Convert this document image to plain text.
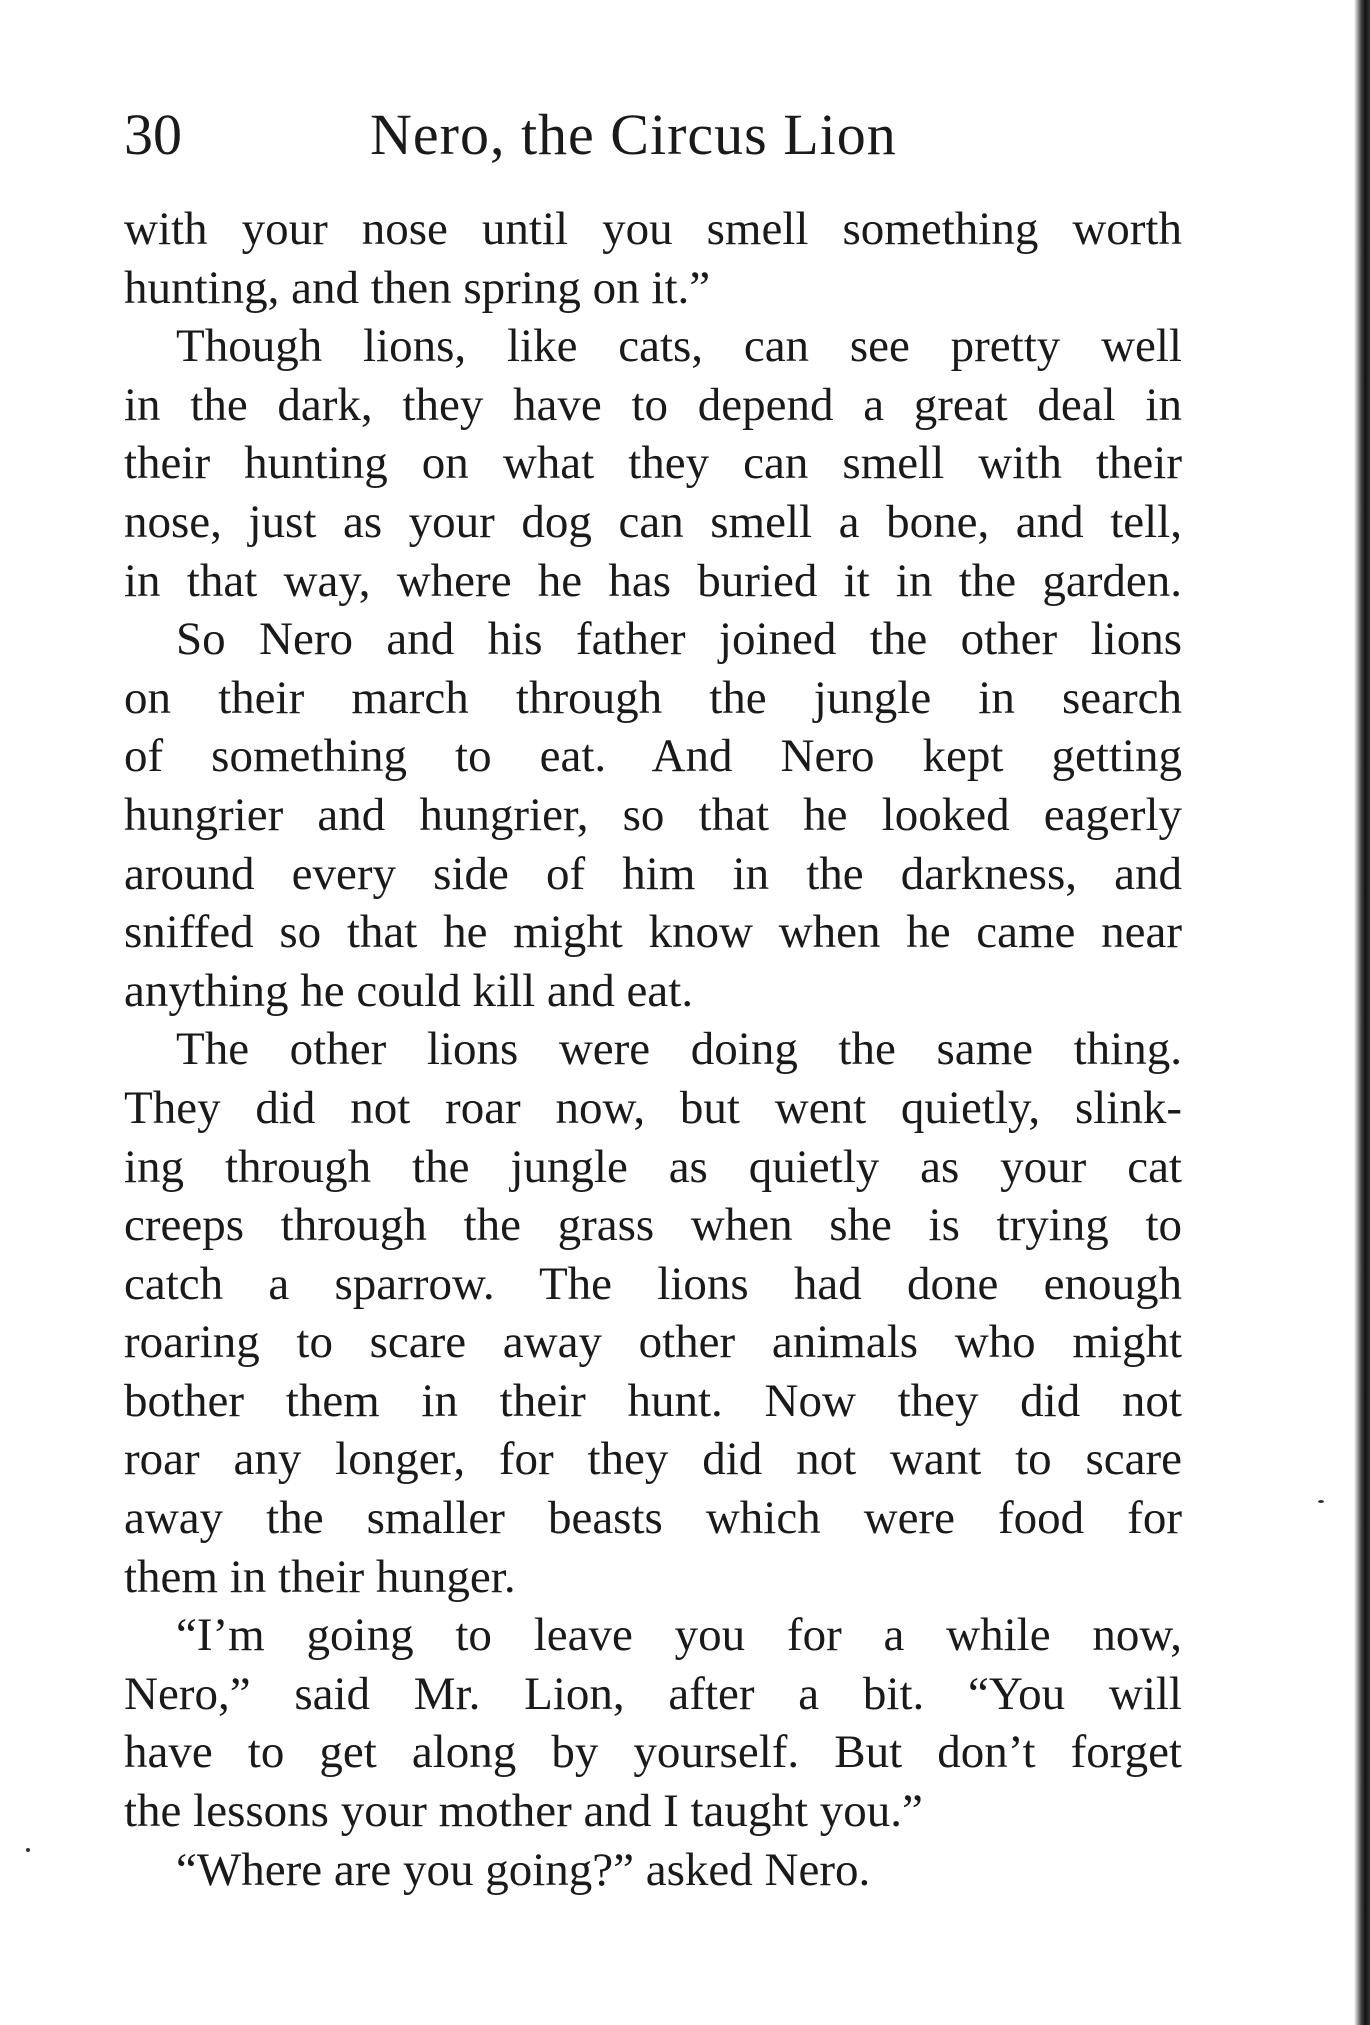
30	Nero, the Circus Lion
with your nose until you smell something worth
hunting, and then spring on it.”
Though lions, like cats, can see pretty well
in the dark, they have to depend a great deal in
their hunting on what they can smell with their
nose, just as your dog can smell a bone, and tell,
in that way, where he has buried it in the garden.
So Nero and his father joined the other lions
on their march through the jungle in search
of something to eat. And Nero kept getting
hungrier and hungrier, so that he looked eagerly
around every side of him in the darkness, and
sniffed so that he might know when he came near
anything he could kill and eat.
The other lions were doing the same thing.
They did not roar now, but went quietly, slink-
ing through the jungle as quietly as your cat
creeps through the grass when she is trying to
catch a sparrow. The lions had done enough
roaring to scare away other animals who might
bother them in their hunt. Now they did not
roar any longer, for they did not want to scare
away the smaller beasts which were food for
them in their hunger.
“I’m going to leave you for a while now,
Nero,” said Mr. Lion, after a bit. “You will
have to get along by yourself. But don’t forget
the lessons your mother and I taught you.”
“Where are you going?” asked Nero.
